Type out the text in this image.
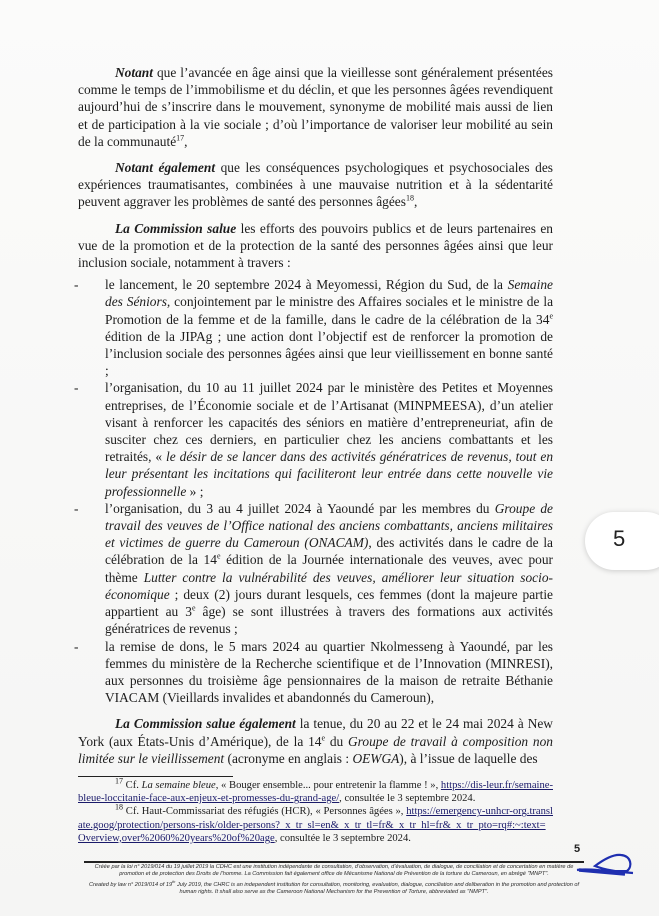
Notant que l’avancée en âge ainsi que la vieillesse sont généralement présentées comme le temps de l’immobilisme et du déclin, et que les personnes âgées revendiquent aujourd’hui de s’inscrire dans le mouvement, synonyme de mobilité mais aussi de lien et de participation à la vie sociale ; d’où l’importance de valoriser leur mobilité au sein de la communauté$^{17}$,

Notant également que les conséquences psychologiques et psychosociales des expériences traumatisantes, combinées à une mauvaise nutrition et à la sédentarité peuvent aggraver les problèmes de santé des personnes âgées$^{18}$,

La Commission salue les efforts des pouvoirs publics et de leurs partenaires en vue de la promotion et de la protection de la santé des personnes âgées ainsi que leur inclusion sociale, notamment à travers :

- le lancement, le 20 septembre 2024 à Meyomessi, Région du Sud, de la Semaine des Séniors, conjointement par le ministre des Affaires sociales et le ministre de la Promotion de la femme et de la famille, dans le cadre de la célébration de la 34e édition de la JIPAg ; une action dont l’objectif est de renforcer la promotion de l’inclusion sociale des personnes âgées ainsi que leur vieillissement en bonne santé ;
- l’organisation, du 10 au 11 juillet 2024 par le ministère des Petites et Moyennes entreprises, de l’Économie sociale et de l’Artisanat (MINPMEESA), d’un atelier visant à renforcer les capacités des séniors en matière d’entrepreneuriat, afin de susciter chez ces derniers, en particulier chez les anciens combattants et les retraités, « le désir de se lancer dans des activités génératrices de revenus, tout en leur présentant les incitations qui faciliteront leur entrée dans cette nouvelle vie professionnelle » ;
- l’organisation, du 3 au 4 juillet 2024 à Yaoundé par les membres du Groupe de travail des veuves de l’Office national des anciens combattants, anciens militaires et victimes de guerre du Cameroun (ONACAM), des activités dans le cadre de la célébration de la 14e édition de la Journée internationale des veuves, avec pour thème Lutter contre la vulnérabilité des veuves, améliorer leur situation socio-économique ; deux (2) jours durant lesquels, ces femmes (dont la majeure partie appartient au 3e âge) se sont illustrées à travers des formations aux activités génératrices de revenus ;
- la remise de dons, le 5 mars 2024 au quartier Nkolmesseng à Yaoundé, par les femmes du ministère de la Recherche scientifique et de l’Innovation (MINRESI), aux personnes du troisième âge pensionnaires de la maison de retraite Béthanie VIACAM (Vieillards invalides et abandonnés du Cameroun),

La Commission salue également la tenue, du 20 au 22 et le 24 mai 2024 à New York (aux États-Unis d’Amérique), de la 14e du Groupe de travail à composition non limitée sur le vieillissement (acronyme en anglais : OEWGA), à l’issue de laquelle des

$^{17}$ Cf. La semaine bleue, « Bouger ensemble... pour entretenir la flamme ! », https://dis-leur.fr/semaine-bleue-loccitanie-face-aux-enjeux-et-promesses-du-grand-age/, consultée le 3 septembre 2024.

$^{18}$ Cf. Haut-Commissariat des réfugiés (HCR), « Personnes âgées », https://emergency-unhcr-org.translate.goog/protection/persons-risk/older-persons?_x_tr_sl=en&_x_tr_tl=fr&_x_tr_hl=fr&_x_tr_pto=rq#:~:text=Overview,over%2060%20years%20of%20age, consultée le 3 septembre 2024.

5

Créée par la loi n° 2019/014 du 19 juillet 2019 la CDHC est une institution indépendante de consultation, d’observation, d’évaluation, de dialogue, de conciliation et de concertation en matière de promotion et de protection des Droits de l’homme. La Commission fait également office de Mécanisme National de Prévention de la torture du Cameroun, en abrégé "MNPT".

Created by law n° 2019/014 of 19th July 2019, the CHRC is an independent institution for consultation, monitoring, evaluation, dialogue, conciliation and deliberation in the promotion and protection of human rights. It shall also serve as the Cameroon National Mechanism for the Prevention of Torture, abbreviated as "NMPT".

5
